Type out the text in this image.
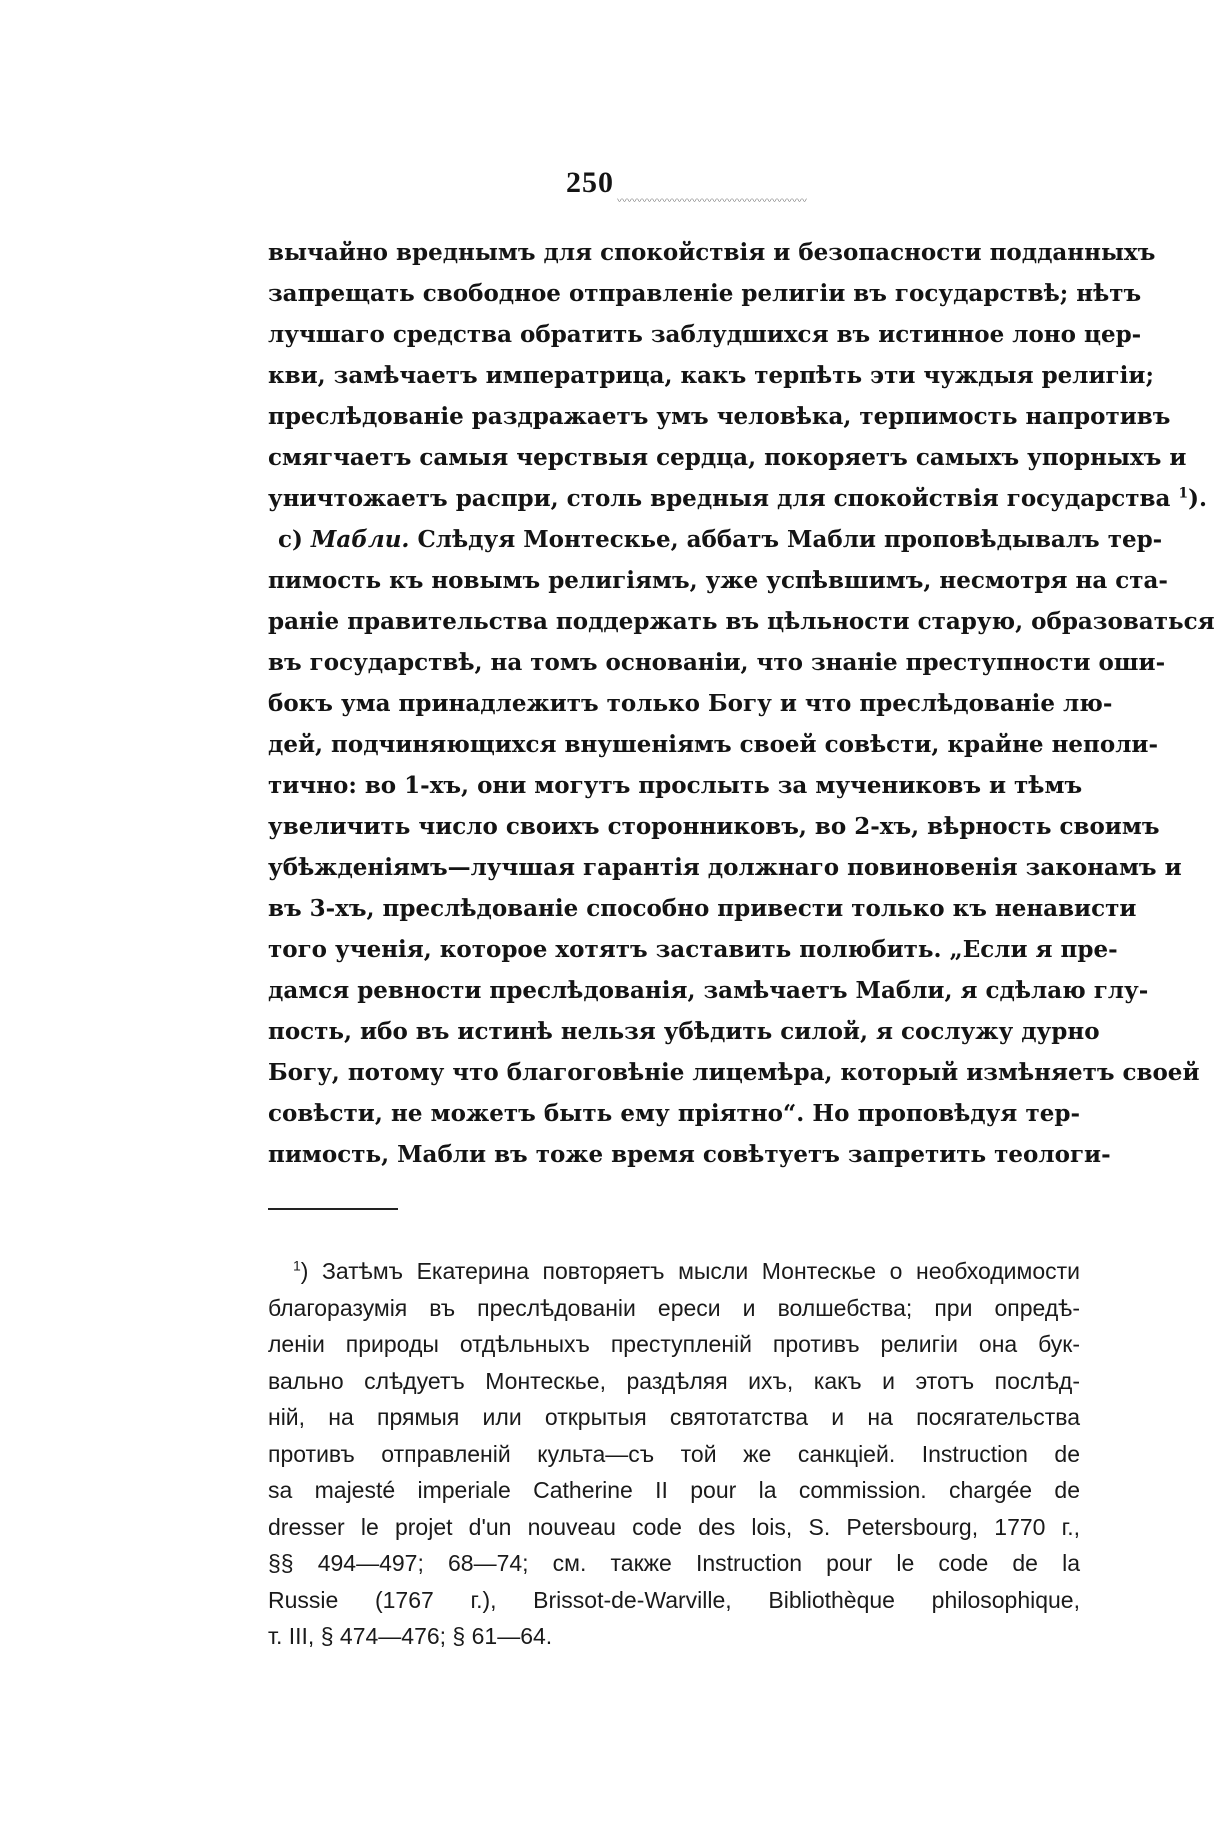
250
〰〰〰〰〰〰〰〰〰〰〰〰〰〰〰〰〰〰〰
вычайно вреднымъ для спокойствія и безопасности подданныхъ
запрещать свободное отправленіе религіи въ государствѣ; нѣтъ
лучшаго средства обратить заблудшихся въ истинное лоно цер-
кви, замѣчаетъ императрица, какъ терпѣть эти чуждыя религіи;
преслѣдованіе раздражаетъ умъ человѣка, терпимость напротивъ
смягчаетъ самыя черствыя сердца, покоряетъ самыхъ упорныхъ и
уничтожаетъ распри, столь вредныя для спокойствія государства $^1$).
с) Мабли. Слѣдуя Монтескье, аббатъ Мабли проповѣдывалъ тер-
пимость къ новымъ религіямъ, уже успѣвшимъ, несмотря на ста-
раніе правительства поддержать въ цѣльности старую, образоваться
въ государствѣ, на томъ основаніи, что знаніе преступности оши-
бокъ ума принадлежитъ только Богу и что преслѣдованіе лю-
дей, подчиняющихся внушеніямъ своей совѣсти, крайне неполи-
тично: во 1-хъ, они могутъ прослыть за мучениковъ и тѣмъ
увеличить число своихъ сторонниковъ, во 2-хъ, вѣрность своимъ
убѣжденіямъ—лучшая гарантія должнаго повиновенія законамъ и
въ 3-хъ, преслѣдованіе способно привести только къ ненависти
того ученія, которое хотятъ заставить полюбить. „Если я пре-
дамся ревности преслѣдованія, замѣчаетъ Мабли, я сдѣлаю глу-
пость, ибо въ истинѣ нельзя убѣдить силой, я сослужу дурно
Богу, потому что благоговѣніе лицемѣра, который измѣняетъ своей
совѣсти, не можетъ быть ему пріятно“. Но проповѣдуя тер-
пимость, Мабли въ тоже время совѣтуетъ запретить теологи-
$^1$) Затѣмъ Екатерина повторяетъ мысли Монтескье о необходимости
благоразумія въ преслѣдованіи ереси и волшебства; при опредѣ-
леніи природы отдѣльныхъ преступленій противъ религіи она бук-
вально слѣдуетъ Монтескье, раздѣляя ихъ, какъ и этотъ послѣд-
ній, на прямыя или открытыя святотатства и на посягательства
противъ отправленій культа—съ той же санкціей. Instruction de
sa majesté imperiale Catherine II pour la commission. chargée de
dresser le projet d'un nouveau code des lois, S. Petersbourg, 1770 г.,
§§ 494—497; 68—74; см. также Instruction pour le code de la
Russie (1767 г.), Brissot-de-Warville, Bibliothèque philosophique,
т. III, § 474—476; § 61—64.
